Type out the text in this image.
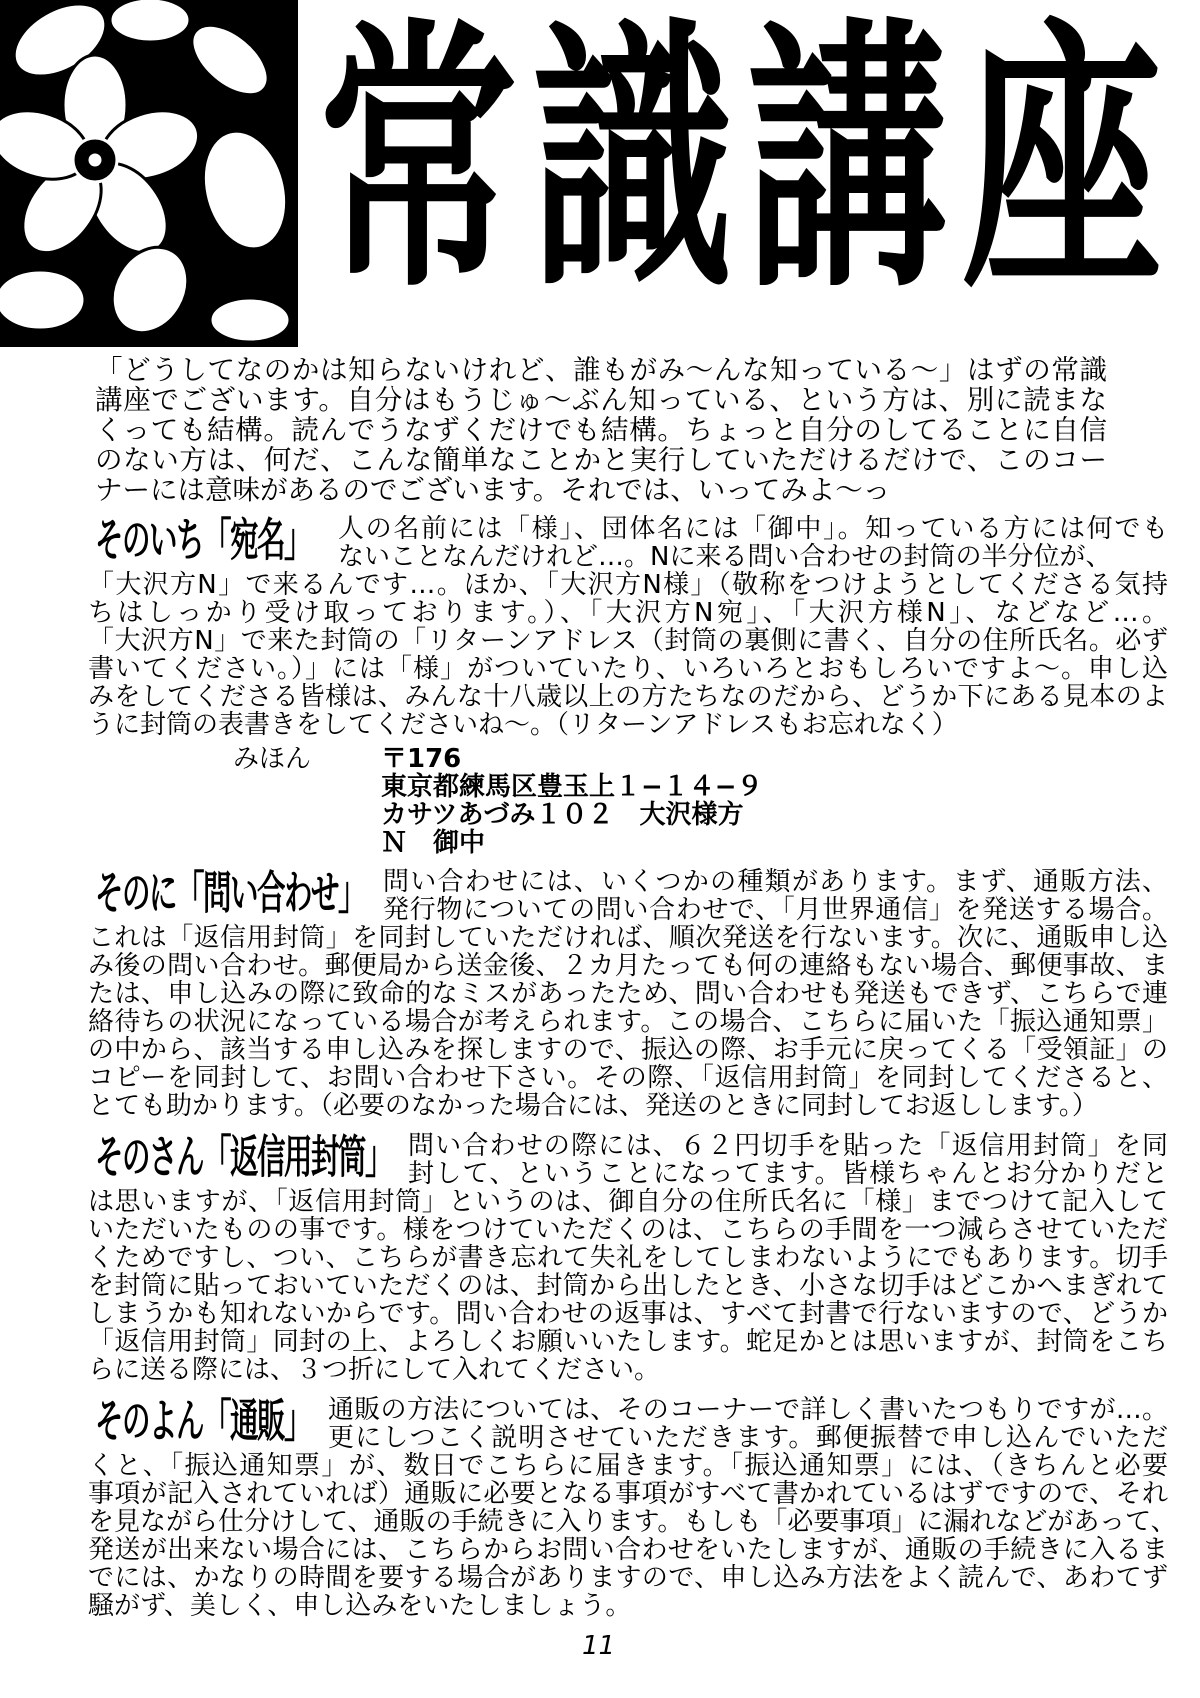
常 識 講 座
「どうしてなのかは知らないけれど、誰もがみ〜んな知っている〜」はずの常識
講座でございます。自分はもうじゅ〜ぶん知っている、という方は、別に読まな
くっても結構。読んでうなずくだけでも結構。ちょっと自分のしてることに自信
のない方は、何だ、こんな簡単なことかと実行していただけるだけで、このコー
ナーには意味があるのでございます。それでは、いってみよ〜っ
そのいち「宛名」 人の名前には「様」、団体名には「御中」。知っている方には何でも
ないことなんだけれど…。Nに来る問い合わせの封筒の半分位が、
「大沢方N」で来るんです…。ほか、「大沢方N様」（敬称をつけようとしてくださる気持
ちはしっかり受け取っております。）、「大沢方N宛」、「大沢方様N」、などなど…。
「大沢方N」で来た封筒の「リターンアドレス（封筒の裏側に書く、自分の住所氏名。必ず
書いてください。）」には「様」がついていたり、いろいろとおもしろいですよ〜。申し込
みをしてくださる皆様は、みんな十八歳以上の方たちなのだから、どうか下にある見本のよ
うに封筒の表書きをしてくださいね〜。（リターンアドレスもお忘れなく）
みほん	〒176
東京都練馬区豊玉上１−１４−９
カサツあづみ１０２　大沢様方
Ｎ　御中
そのに「問い合わせ」 問い合わせには、いくつかの種類があります。まず、通販方法、
発行物についての問い合わせで、「月世界通信」を発送する場合。
これは「返信用封筒」を同封していただければ、順次発送を行ないます。次に、通販申し込
み後の問い合わせ。郵便局から送金後、２カ月たっても何の連絡もない場合、郵便事故、ま
たは、申し込みの際に致命的なミスがあったため、問い合わせも発送もできず、こちらで連
絡待ちの状況になっている場合が考えられます。この場合、こちらに届いた「振込通知票」
の中から、該当する申し込みを探しますので、振込の際、お手元に戻ってくる「受領証」の
コピーを同封して、お問い合わせ下さい。その際、「返信用封筒」を同封してくださると、
とても助かります。（必要のなかった場合には、発送のときに同封してお返しします。）
そのさん「返信用封筒」 問い合わせの際には、６２円切手を貼った「返信用封筒」を同
封して、ということになってます。皆様ちゃんとお分かりだと
は思いますが、「返信用封筒」というのは、御自分の住所氏名に「様」までつけて記入して
いただいたものの事です。様をつけていただくのは、こちらの手間を一つ減らさせていただ
くためですし、つい、こちらが書き忘れて失礼をしてしまわないようにでもあります。切手
を封筒に貼っておいていただくのは、封筒から出したとき、小さな切手はどこかへまぎれて
しまうかも知れないからです。問い合わせの返事は、すべて封書で行ないますので、どうか
「返信用封筒」同封の上、よろしくお願いいたします。蛇足かとは思いますが、封筒をこち
らに送る際には、３つ折にして入れてください。
そのよん「通販」 通販の方法については、そのコーナーで詳しく書いたつもりですが…。
更にしつこく説明させていただきます。郵便振替で申し込んでいただ
くと、「振込通知票」が、数日でこちらに届きます。「振込通知票」には、（きちんと必要
事項が記入されていれば）通販に必要となる事項がすべて書かれているはずですので、それ
を見ながら仕分けして、通販の手続きに入ります。もしも「必要事項」に漏れなどがあって、
発送が出来ない場合には、こちらからお問い合わせをいたしますが、通販の手続きに入るま
でには、かなりの時間を要する場合がありますので、申し込み方法をよく読んで、あわてず
騒がず、美しく、申し込みをいたしましょう。
11
